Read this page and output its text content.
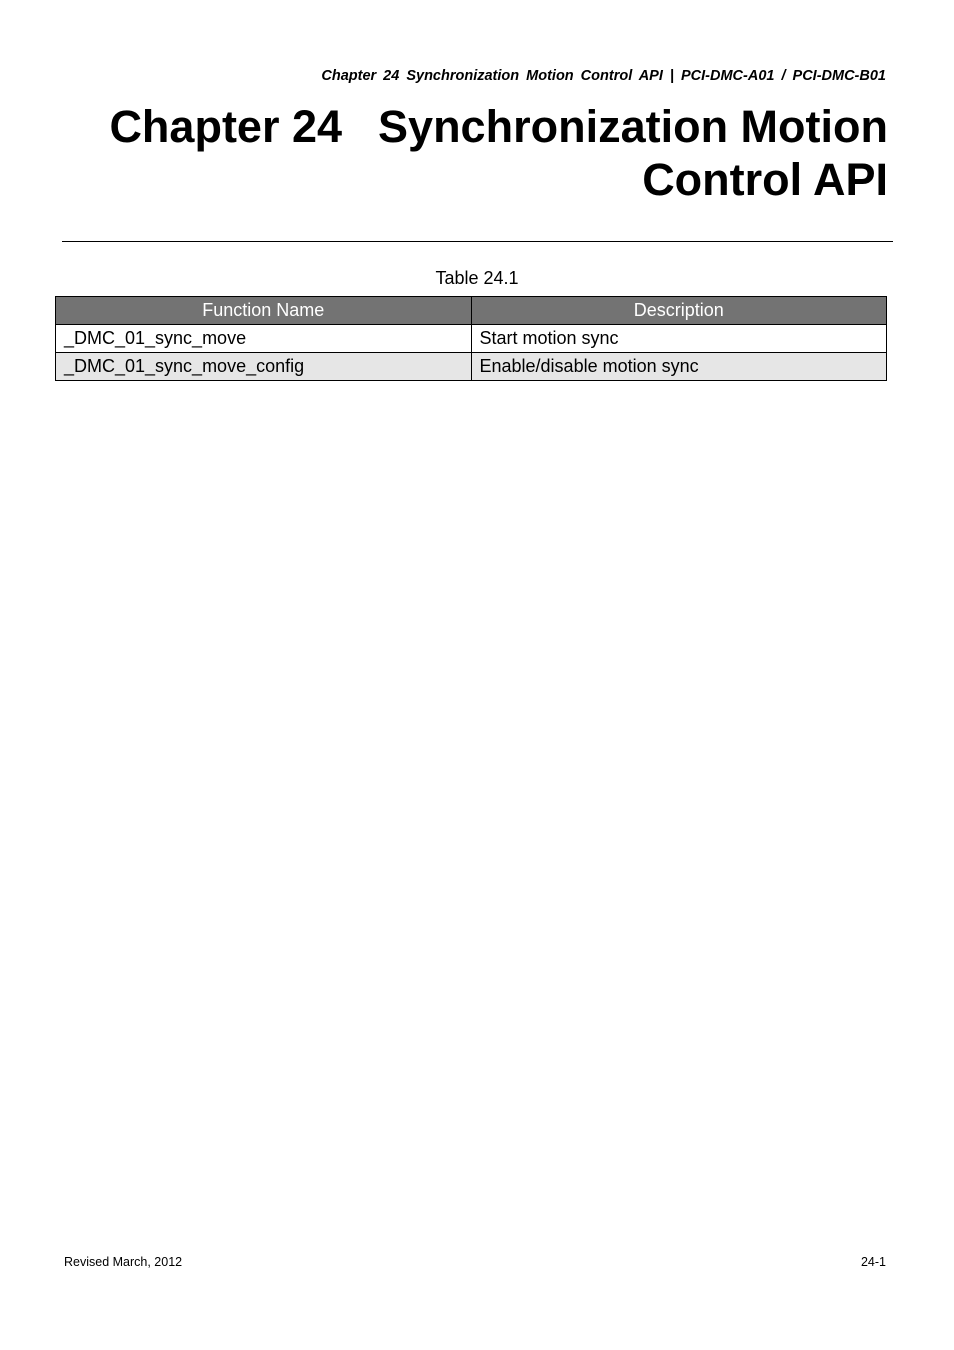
Chapter 24 Synchronization Motion Control API | PCI-DMC-A01 / PCI-DMC-B01
Chapter 24 Synchronization Motion
Control API
Table 24.1
Function Name	Description
_DMC_01_sync_move	Start motion sync
_DMC_01_sync_move_config	Enable/disable motion sync
Revised March, 2012	24-1
